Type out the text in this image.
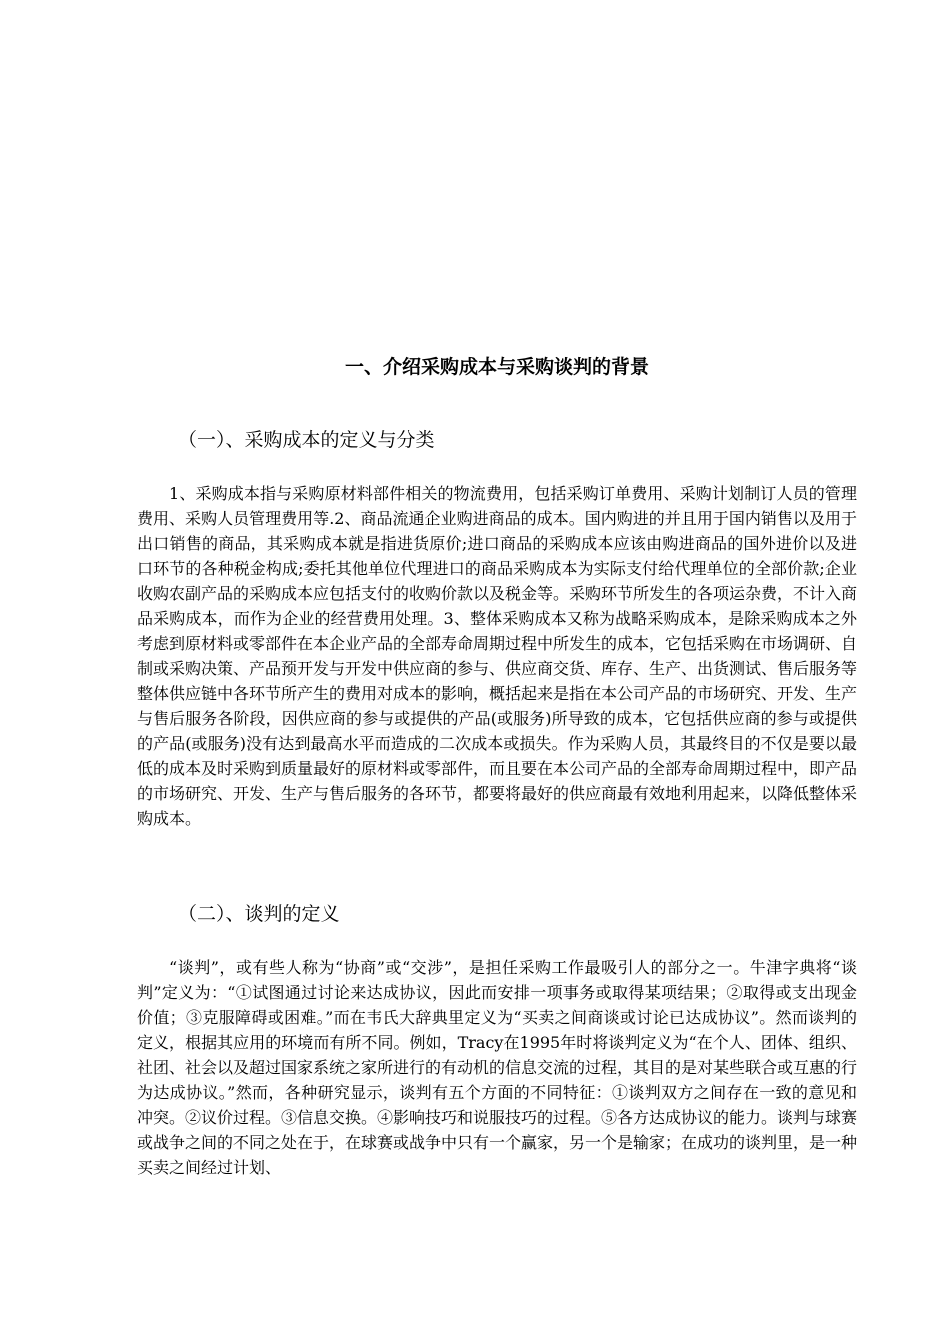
一、介绍采购成本与采购谈判的背景
（一）、采购成本的定义与分类

1、采购成本指与采购原材料部件相关的物流费用，包括采购订单费用、采购计划制订人员的管理费用、采购人员管理费用等.2、商品流通企业购进商品的成本。国内购进的并且用于国内销售以及用于出口销售的商品，其采购成本就是指进货原价;进口商品的采购成本应该由购进商品的国外进价以及进口环节的各种税金构成;委托其他单位代理进口的商品采购成本为实际支付给代理单位的全部价款;企业收购农副产品的采购成本应包括支付的收购价款以及税金等。采购环节所发生的各项运杂费，不计入商品采购成本，而作为企业的经营费用处理。3、整体采购成本又称为战略采购成本，是除采购成本之外考虑到原材料或零部件在本企业产品的全部寿命周期过程中所发生的成本，它包括采购在市场调研、自制或采购决策、产品预开发与开发中供应商的参与、供应商交货、库存、生产、出货测试、售后服务等整体供应链中各环节所产生的费用对成本的影响，概括起来是指在本公司产品的市场研究、开发、生产与售后服务各阶段，因供应商的参与或提供的产品(或服务)所导致的成本，它包括供应商的参与或提供的产品(或服务)没有达到最高水平而造成的二次成本或损失。作为采购人员，其最终目的不仅是要以最低的成本及时采购到质量最好的原材料或零部件，而且要在本公司产品的全部寿命周期过程中，即产品的市场研究、开发、生产与售后服务的各环节，都要将最好的供应商最有效地利用起来，以降低整体采购成本。

（二）、谈判的定义

“谈判”，或有些人称为“协商”或“交涉”，是担任采购工作最吸引人的部分之一。牛津字典将“谈判”定义为：“①试图通过讨论来达成协议，因此而安排一项事务或取得某项结果；②取得或支出现金价值；③克服障碍或困难。”而在韦氏大辞典里定义为“买卖之间商谈或讨论已达成协议”。然而谈判的定义，根据其应用的环境而有所不同。例如，Tracy在1995年时将谈判定义为“在个人、团体、组织、社团、社会以及超过国家系统之家所进行的有动机的信息交流的过程，其目的是对某些联合或互惠的行为达成协议。”然而，各种研究显示，谈判有五个方面的不同特征：①谈判双方之间存在一致的意见和冲突。②议价过程。③信息交换。④影响技巧和说服技巧的过程。⑤各方达成协议的能力。谈判与球赛或战争之间的不同之处在于，在球赛或战争中只有一个赢家，另一个是输家；在成功的谈判里，是一种买卖之间经过计划、
